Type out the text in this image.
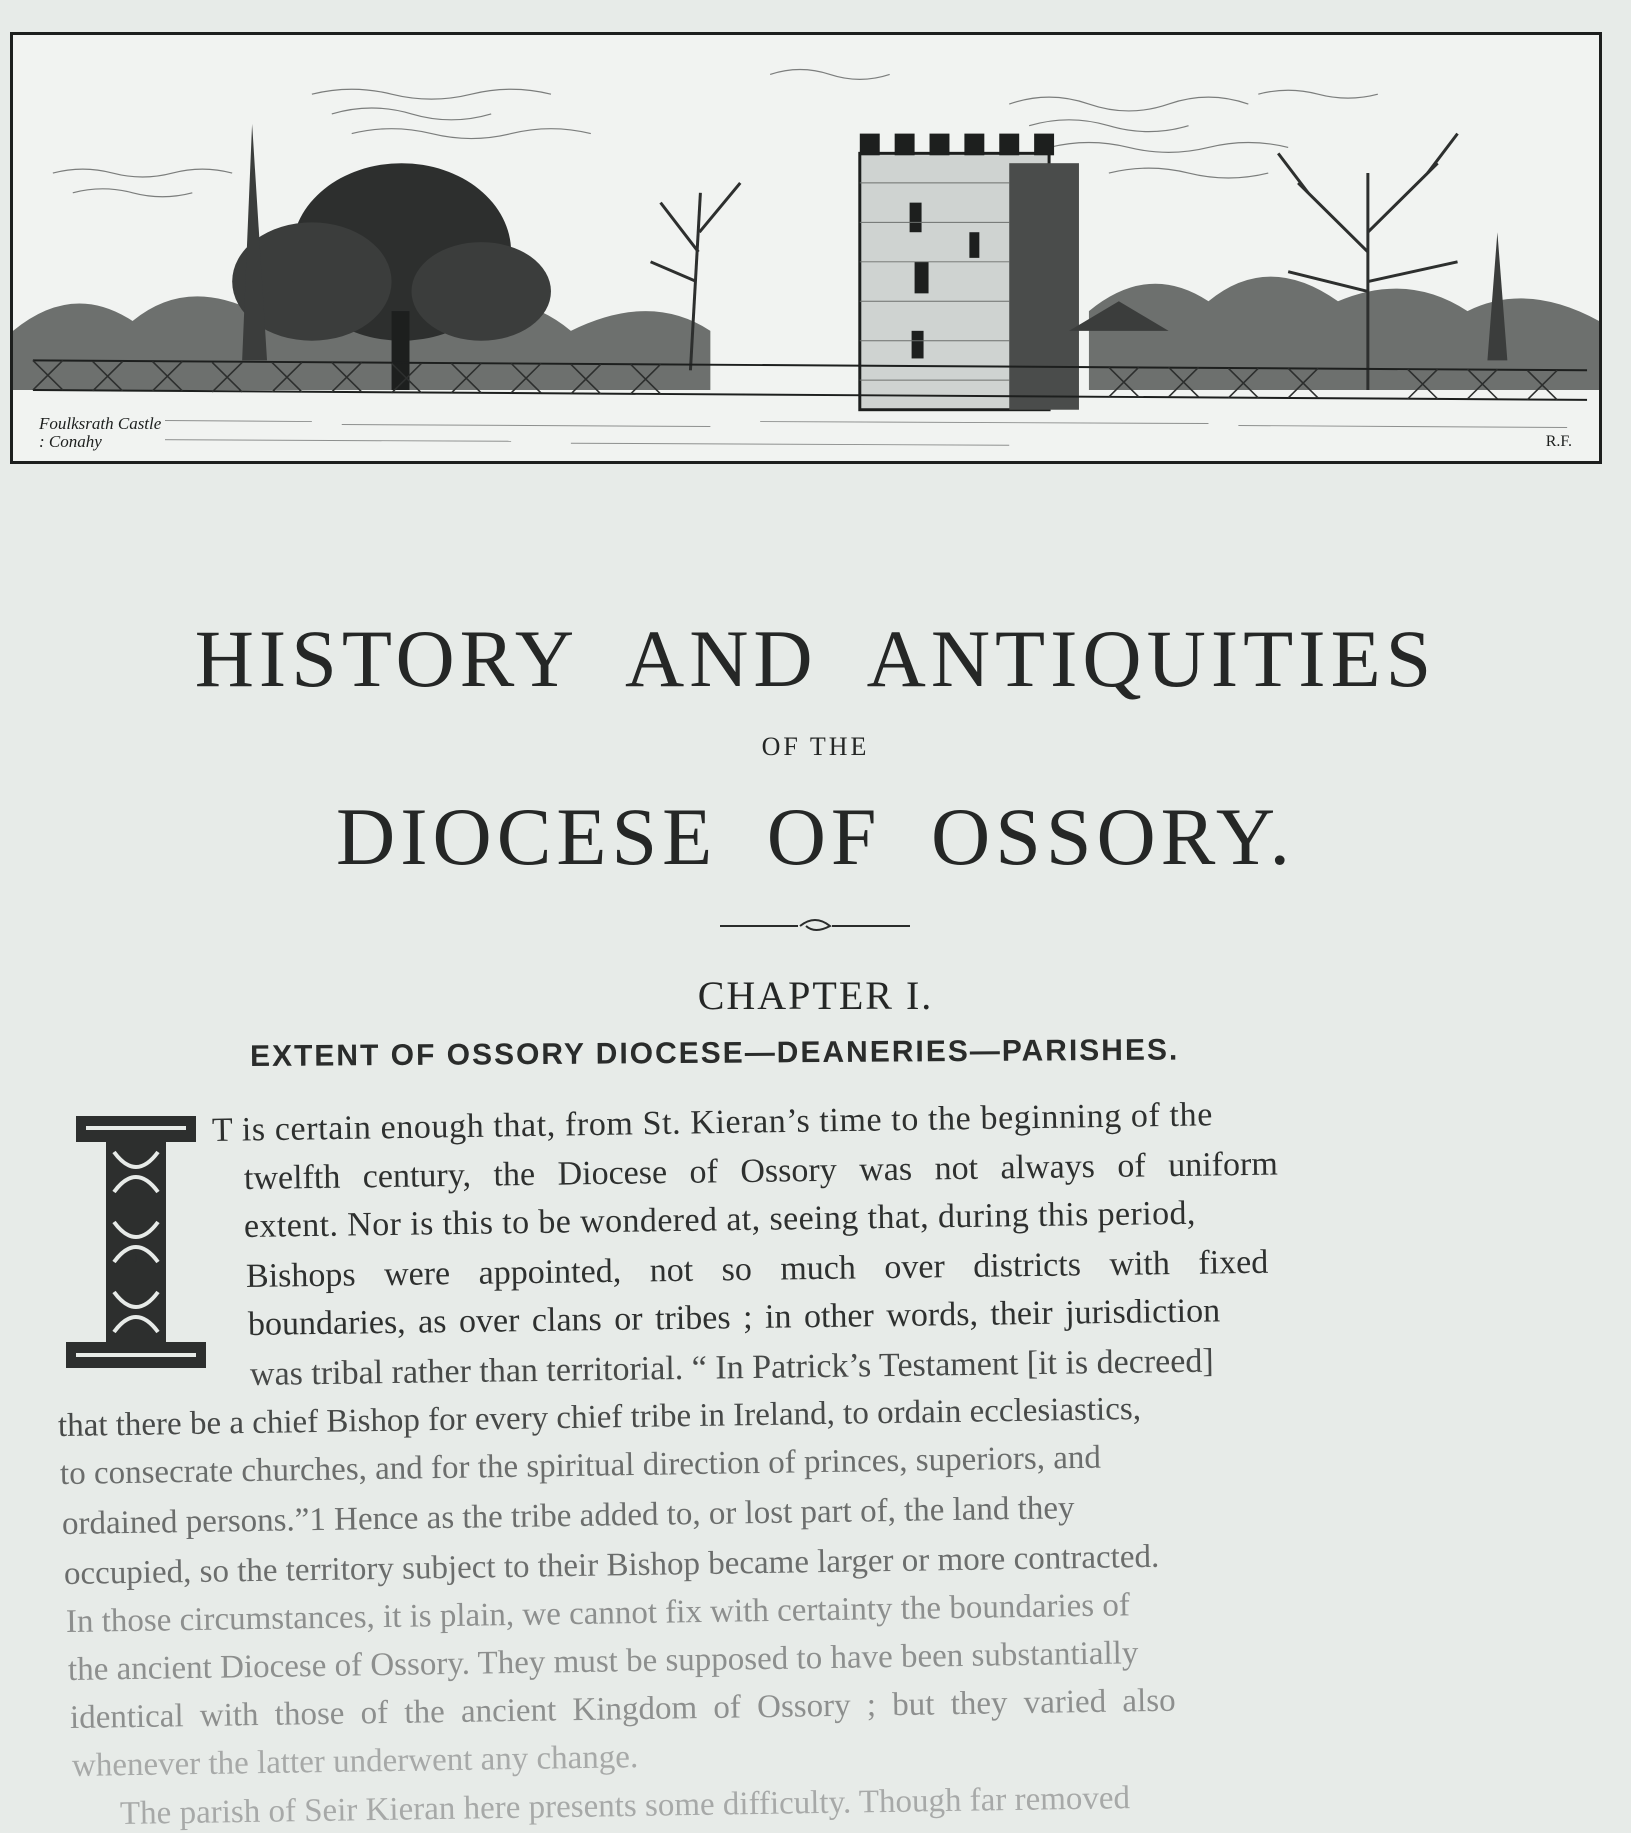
Foulksrath Castle
: Conahy	R.F.
HISTORY AND ANTIQUITIES
OF THE
DIOCESE OF OSSORY.
CHAPTER I.
EXTENT OF OSSORY DIOCESE—DEANERIES—PARISHES.
I

T is certain enough that, from St. Kieran’s time to the beginning of the

twelfth century, the Diocese of Ossory was not always of uniform

extent. Nor is this to be wondered at, seeing that, during this period,

Bishops were appointed, not so much over districts with fixed

boundaries, as over clans or tribes ; in other words, their jurisdiction

was tribal rather than territorial. “ In Patrick’s Testament [it is decreed]

that there be a chief Bishop for every chief tribe in Ireland, to ordain ecclesiastics,

to consecrate churches, and for the spiritual direction of princes, superiors, and

ordained persons.”1 Hence as the tribe added to, or lost part of, the land they

occupied, so the territory subject to their Bishop became larger or more contracted.

In those circumstances, it is plain, we cannot fix with certainty the boundaries of

the ancient Diocese of Ossory. They must be supposed to have been substantially

identical with those of the ancient Kingdom of Ossory ; but they varied also

whenever the latter underwent any change.

The parish of Seir Kieran here presents some difficulty. Though far removed
